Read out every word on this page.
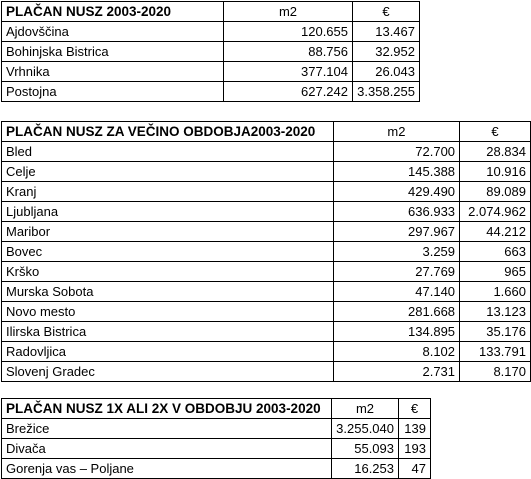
PLAČAN NUSZ 2003-2020	m2	€
Ajdovščina	120.655	13.467
Bohinjska Bistrica	88.756	32.952
Vrhnika	377.104	26.043
Postojna	627.242	3.358.255
PLAČAN NUSZ ZA VEČINO OBDOBJA2003-2020	m2	€
Bled	72.700	28.834
Celje	145.388	10.916
Kranj	429.490	89.089
Ljubljana	636.933	2.074.962
Maribor	297.967	44.212
Bovec	3.259	663
Krško	27.769	965
Murska Sobota	47.140	1.660
Novo mesto	281.668	13.123
Ilirska Bistrica	134.895	35.176
Radovljica	8.102	133.791
Slovenj Gradec	2.731	8.170
PLAČAN NUSZ 1X ALI 2X V OBDOBJU 2003-2020	m2	€
Brežice	3.255.040	139
Divača	55.093	193
Gorenja vas – Poljane	16.253	47
